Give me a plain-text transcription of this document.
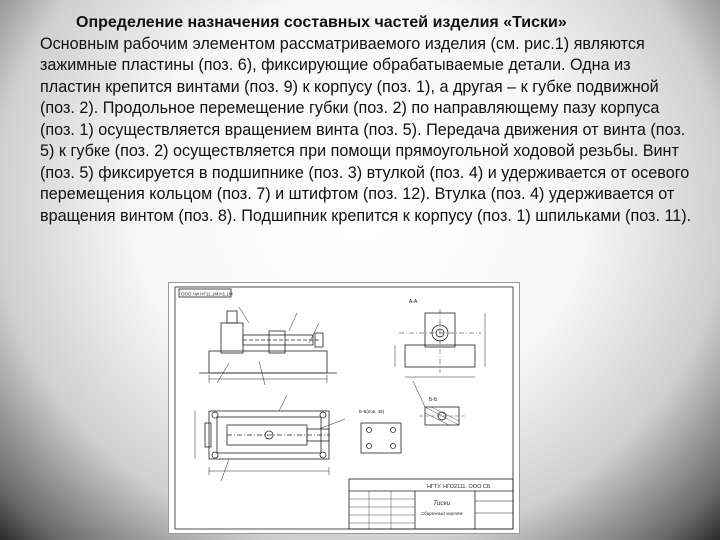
Определение назначения составных частей изделия «Тиски»

Основным рабочим элементом рассматриваемого изделия (см. рис.1) являются зажимные пластины (поз. 6), фиксирующие обрабатываемые детали. Одна из пластин крепится винтами (поз. 9) к корпусу (поз. 1), а другая – к губке подвижной (поз. 2). Продольное перемещение губки (поз. 2) по направляющему пазу корпуса (поз. 1) осуществляется вращением винта (поз. 5). Передача движения от винта (поз. 5) к губке (поз. 2) осуществляется при помощи прямоугольной ходовой резьбы. Винт (поз. 5) фиксируется в подшипнике (поз. 3) втулкой (поз. 4) и удерживается от осевого перемещения кольцом (поз. 7) и штифтом (поз. 12). Втулка (поз. 4) удерживается от вращения винтом (поз. 8). Подшипник крепится к корпусу (поз. 1) шпильками (поз. 11).

ООО.ЧИ НГ11.1М.Н1.1М
А-А
Б-Б
Б-Б(пов. 45)
НГТУ. НГО2111. ООО СБ
Тиски
Сборочный чертёж
